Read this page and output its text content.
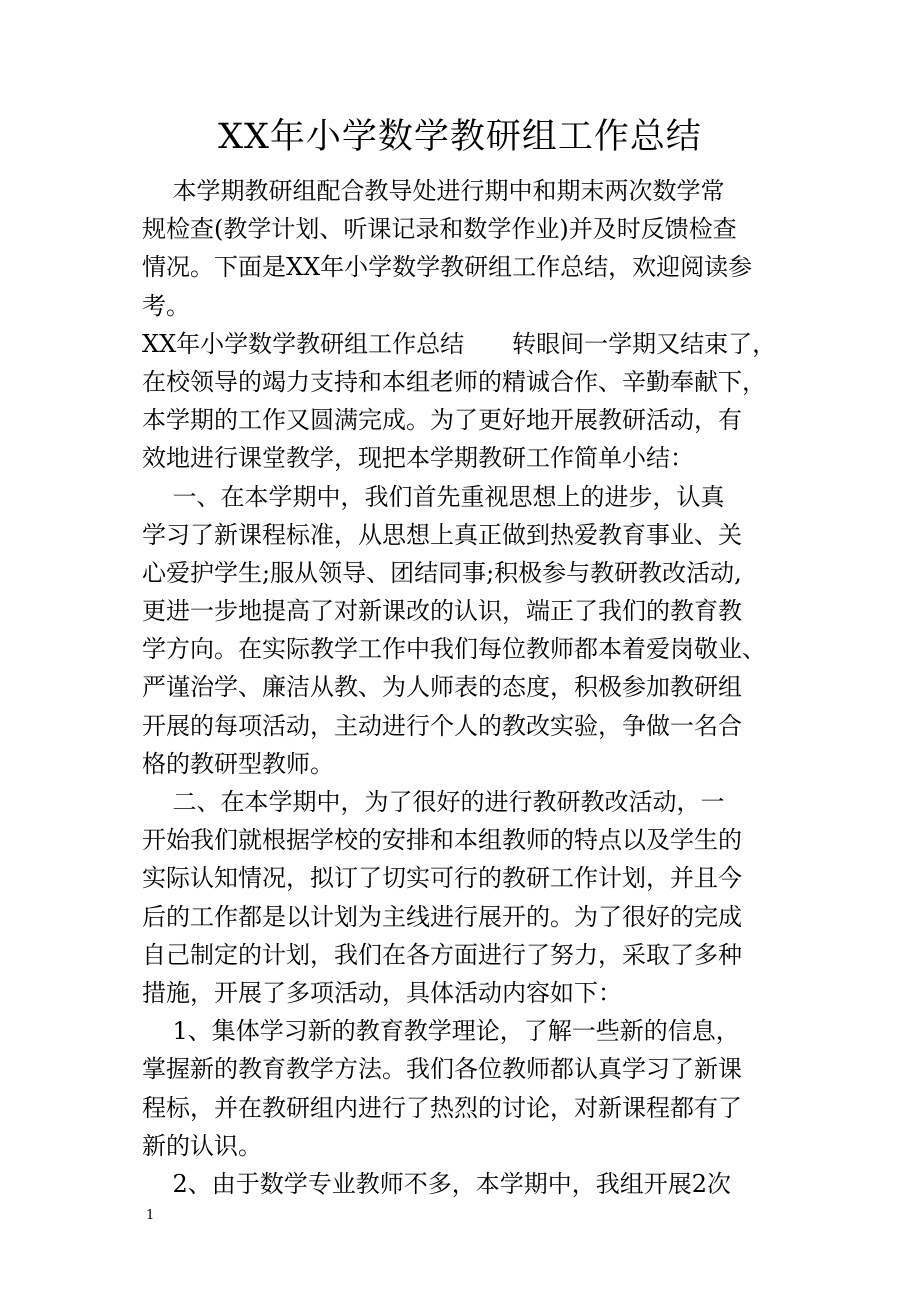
XX年小学数学教研组工作总结
本学期教研组配合教导处进行期中和期末两次数学常
规检查(教学计划、听课记录和数学作业)并及时反馈检查
情况。下面是XX年小学数学教研组工作总结，欢迎阅读参
考。
XX年小学数学教研组工作总结　　转眼间一学期又结束了，
在校领导的竭力支持和本组老师的精诚合作、辛勤奉献下，
本学期的工作又圆满完成。为了更好地开展教研活动，有
效地进行课堂教学，现把本学期教研工作简单小结：
一、在本学期中，我们首先重视思想上的进步，认真
学习了新课程标准，从思想上真正做到热爱教育事业、关
心爱护学生;服从领导、团结同事;积极参与教研教改活动,
更进一步地提高了对新课改的认识，端正了我们的教育教
学方向。在实际教学工作中我们每位教师都本着爱岗敬业、
严谨治学、廉洁从教、为人师表的态度，积极参加教研组
开展的每项活动，主动进行个人的教改实验，争做一名合
格的教研型教师。
二、在本学期中，为了很好的进行教研教改活动，一
开始我们就根据学校的安排和本组教师的特点以及学生的
实际认知情况，拟订了切实可行的教研工作计划，并且今
后的工作都是以计划为主线进行展开的。为了很好的完成
自己制定的计划，我们在各方面进行了努力，采取了多种
措施，开展了多项活动，具体活动内容如下：
1、集体学习新的教育教学理论，了解一些新的信息，
掌握新的教育教学方法。我们各位教师都认真学习了新课
程标，并在教研组内进行了热烈的讨论，对新课程都有了
新的认识。
2、由于数学专业教师不多，本学期中，我组开展2次
1
